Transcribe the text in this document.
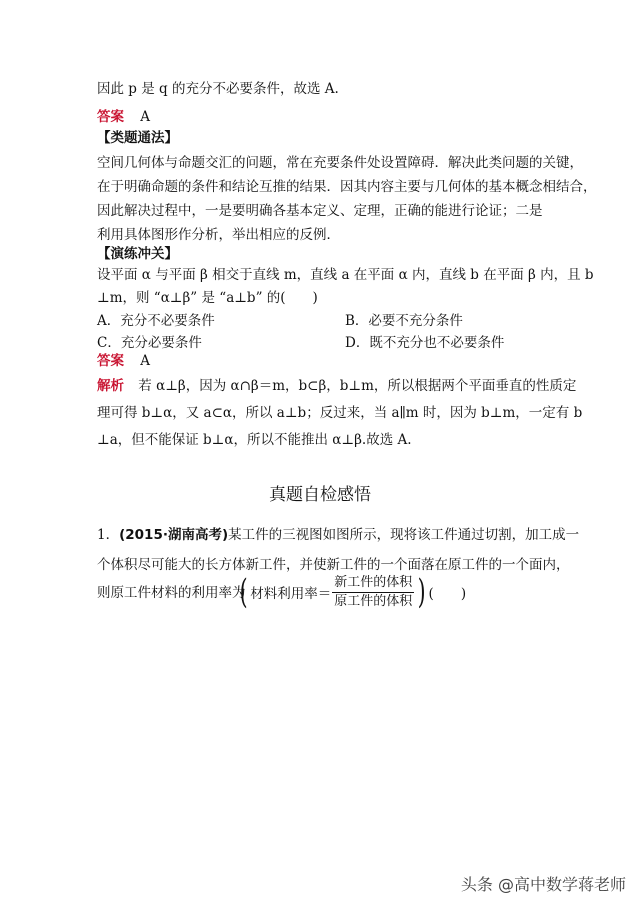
因此 p 是 q 的充分不必要条件，故选 A.
答案 A
【类题通法】
空间几何体与命题交汇的问题，常在充要条件处设置障碍．解决此类问题的关键，
在于明确命题的条件和结论互推的结果．因其内容主要与几何体的基本概念相结合，
因此解决过程中，一是要明确各基本定义、定理，正确的能进行论证；二是
利用具体图形作分析，举出相应的反例．
【演练冲关】
设平面 α 与平面 β 相交于直线 m，直线 a 在平面 α 内，直线 b 在平面 β 内，且 b
⊥m，则 “α⊥β” 是 “a⊥b” 的(　　)
A．充分不必要条件	B．必要不充分条件
C．充分必要条件	D．既不充分也不必要条件
答案 A
解析 若 α⊥β，因为 α∩β＝m，b⊂β，b⊥m，所以根据两个平面垂直的性质定
理可得 b⊥α，又 a⊂α，所以 a⊥b；反过来，当 a∥m 时，因为 b⊥m，一定有 b
⊥a，但不能保证 b⊥α，所以不能推出 α⊥β.故选 A.
真题自检感悟
1．(2015·湖南高考)某工件的三视图如图所示，现将该工件通过切割，加工成一
个体积尽可能大的长方体新工件，并使新工件的一个面落在原工件的一个面内，
则原工件材料的利用率为
( 材料利用率＝ $\frac{\text{新工件的体积}}{\text{原工件的体积}}$ ) (　　)
头条 @高中数学蒋老师
